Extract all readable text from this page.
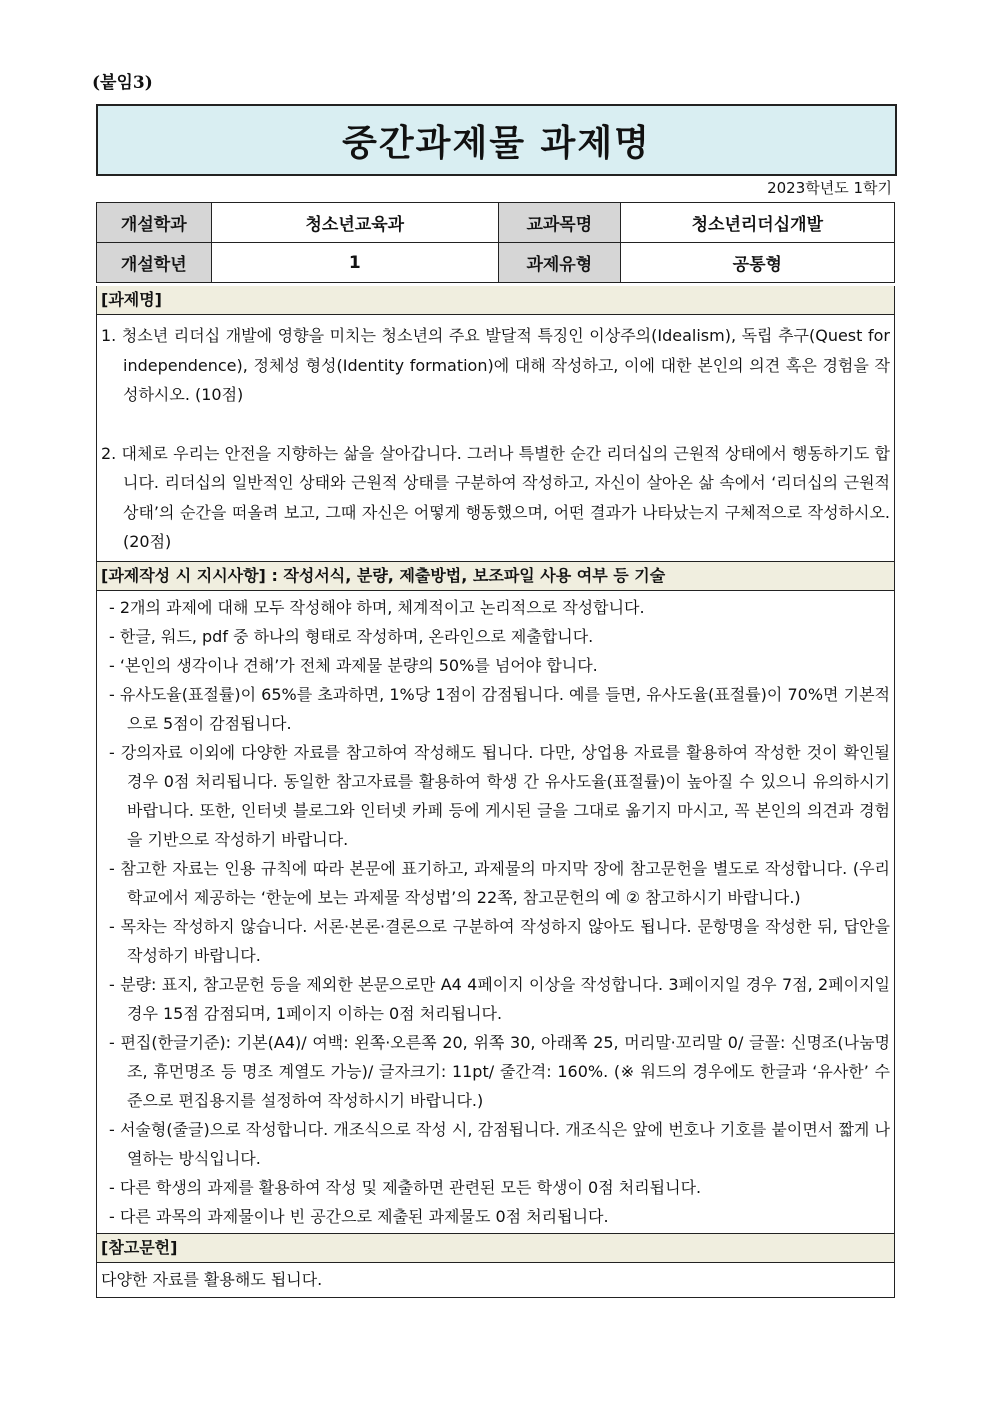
(붙임3)
중간과제물 과제명
2023학년도 1학기
개설학과	청소년교육과	교과목명	청소년리더십개발
개설학년	1	과제유형	공통형
[과제명]
1. 청소년 리더십 개발에 영향을 미치는 청소년의 주요 발달적 특징인 이상주의(Idealism), 독립 추구(Quest for independence), 정체성 형성(Identity formation)에 대해 작성하고, 이에 대한 본인의 의견 혹은 경험을 작성하시오. (10점)
2. 대체로 우리는 안전을 지향하는 삶을 살아갑니다. 그러나 특별한 순간 리더십의 근원적 상태에서 행동하기도 합니다. 리더십의 일반적인 상태와 근원적 상태를 구분하여 작성하고, 자신이 살아온 삶 속에서 ‘리더십의 근원적 상태’의 순간을 떠올려 보고, 그때 자신은 어떻게 행동했으며, 어떤 결과가 나타났는지 구체적으로 작성하시오. (20점)
[과제작성 시 지시사항] : 작성서식, 분량, 제출방법, 보조파일 사용 여부 등 기술
- 2개의 과제에 대해 모두 작성해야 하며, 체계적이고 논리적으로 작성합니다.
- 한글, 워드, pdf 중 하나의 형태로 작성하며, 온라인으로 제출합니다.
- ‘본인의 생각이나 견해’가 전체 과제물 분량의 50%를 넘어야 합니다.
- 유사도율(표절률)이 65%를 초과하면, 1%당 1점이 감점됩니다. 예를 들면, 유사도율(표절률)이 70%면 기본적으로 5점이 감점됩니다.
- 강의자료 이외에 다양한 자료를 참고하여 작성해도 됩니다. 다만, 상업용 자료를 활용하여 작성한 것이 확인될 경우 0점 처리됩니다. 동일한 참고자료를 활용하여 학생 간 유사도율(표절률)이 높아질 수 있으니 유의하시기 바랍니다. 또한, 인터넷 블로그와 인터넷 카페 등에 게시된 글을 그대로 옮기지 마시고, 꼭 본인의 의견과 경험을 기반으로 작성하기 바랍니다.
- 참고한 자료는 인용 규칙에 따라 본문에 표기하고, 과제물의 마지막 장에 참고문헌을 별도로 작성합니다. (우리 학교에서 제공하는 ‘한눈에 보는 과제물 작성법’의 22쪽, 참고문헌의 예 ② 참고하시기 바랍니다.)
- 목차는 작성하지 않습니다. 서론·본론·결론으로 구분하여 작성하지 않아도 됩니다. 문항명을 작성한 뒤, 답안을 작성하기 바랍니다.
- 분량: 표지, 참고문헌 등을 제외한 본문으로만 A4 4페이지 이상을 작성합니다. 3페이지일 경우 7점, 2페이지일 경우 15점 감점되며, 1페이지 이하는 0점 처리됩니다.
- 편집(한글기준): 기본(A4)/ 여백: 왼쪽·오른쪽 20, 위쪽 30, 아래쪽 25, 머리말·꼬리말 0/ 글꼴: 신명조(나눔명조, 휴먼명조 등 명조 계열도 가능)/ 글자크기: 11pt/ 줄간격: 160%. (※ 워드의 경우에도 한글과 ‘유사한’ 수준으로 편집용지를 설정하여 작성하시기 바랍니다.)
- 서술형(줄글)으로 작성합니다. 개조식으로 작성 시, 감점됩니다. 개조식은 앞에 번호나 기호를 붙이면서 짧게 나열하는 방식입니다.
- 다른 학생의 과제를 활용하여 작성 및 제출하면 관련된 모든 학생이 0점 처리됩니다.
- 다른 과목의 과제물이나 빈 공간으로 제출된 과제물도 0점 처리됩니다.
[참고문헌]
다양한 자료를 활용해도 됩니다.
